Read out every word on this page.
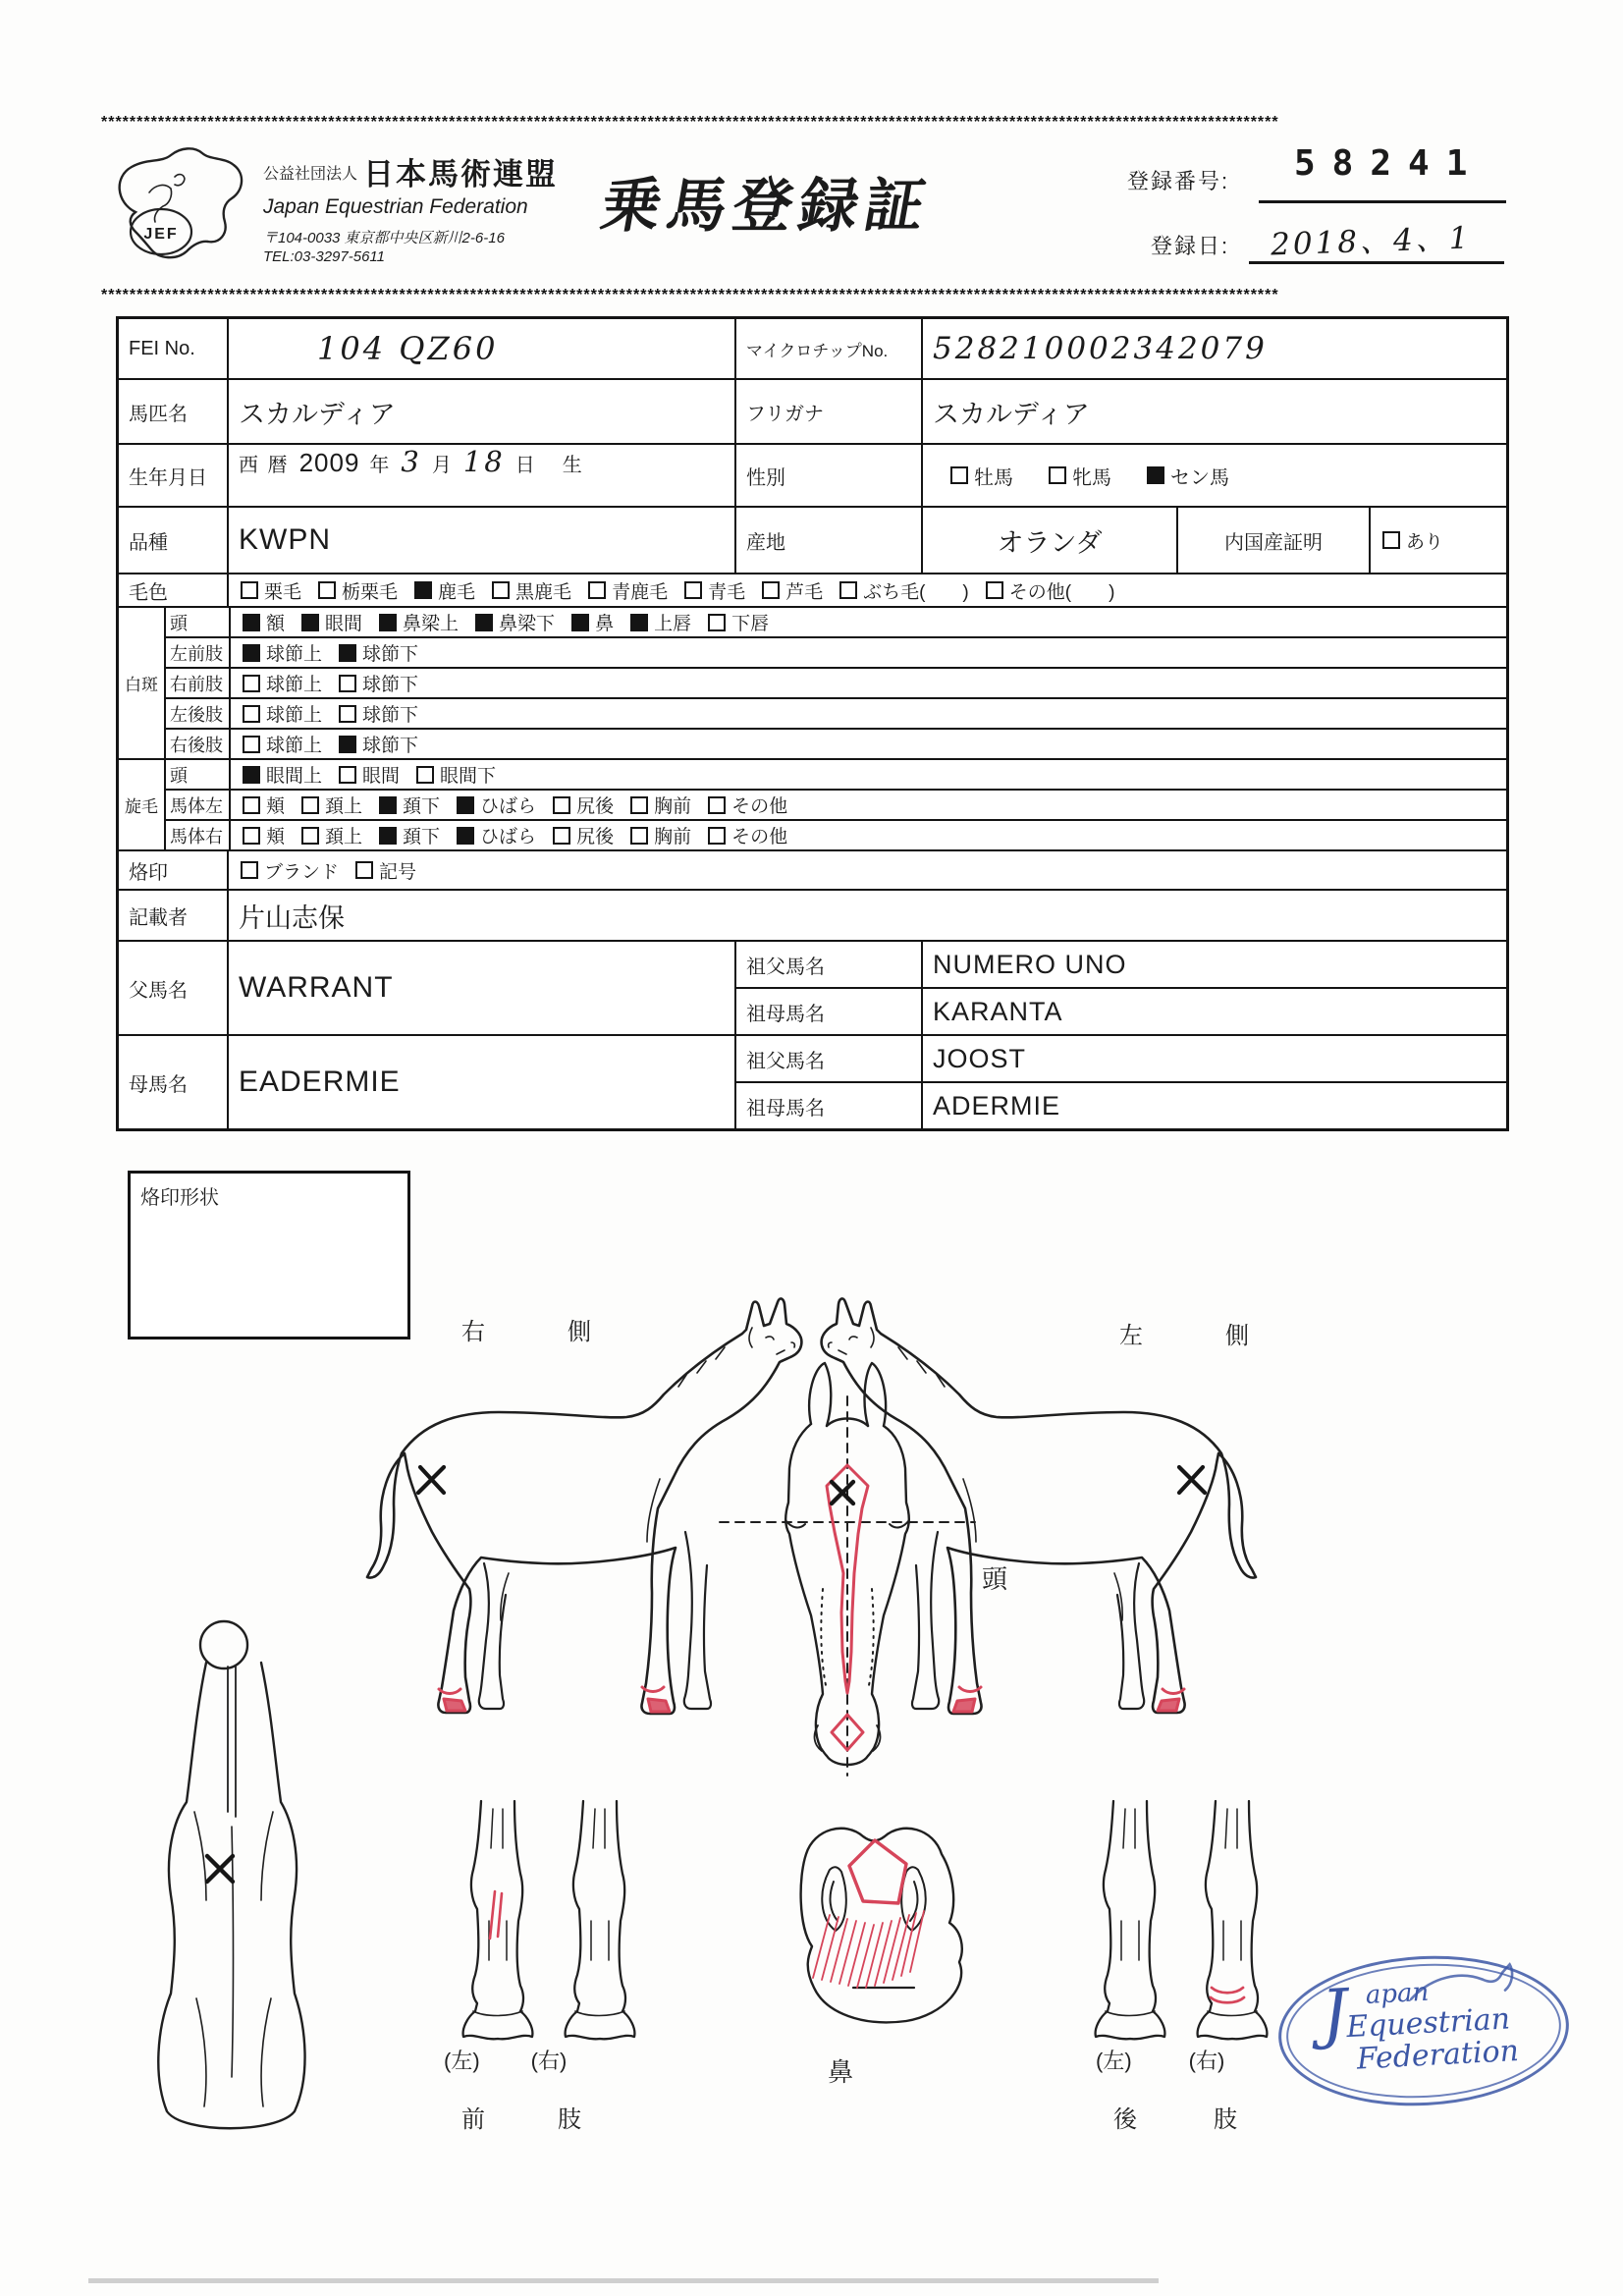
**********************************************************************************************************************************************************************
**********************************************************************************************************************************************************************
JEF
公益社団法人 日本馬術連盟
Japan Equestrian Federation
〒104-0033 東京都中央区新川2-6-16
TEL:03-3297-5611
乗馬登録証	登録番号: 58241
登録日: 2018、4、1
FEI No.	104 QZ60	マイクロチップNo.	528210002342079
馬匹名	スカルディア	フリガナ	スカルディア
生年月日
西 暦 2009 年 3 月 18 日 生
性別	牡馬	牝馬	セン馬
品種	KWPN	産地	オランダ	内国産証明	あり
毛色	栗毛 栃栗毛 鹿毛 黒鹿毛 青鹿毛 青毛 芦毛 ぶち毛(　　) その他(　　)
白斑
頭	額 眼間 鼻梁上 鼻梁下 鼻 上唇 下唇
左前肢	球節上 球節下
右前肢	球節上 球節下
左後肢	球節上 球節下
右後肢	球節上 球節下
旋毛
頭	眼間上 眼間 眼間下
馬体左	頬 頚上 頚下 ひばら 尻後 胸前 その他
馬体右	頬 頚上 頚下 ひばら 尻後 胸前 その他
烙印	ブランド 記号
記載者	片山志保
父馬名	WARRANT
祖父馬名	NUMERO UNO
祖母馬名	KARANTA
母馬名	EADERMIE
祖父馬名	JOOST
祖母馬名	ADERMIE
烙印形状
右側	左側
頭
鼻
(左) (右)
前	肢
(左)	(右)
後	肢
J apan
Equestrian
Federation
